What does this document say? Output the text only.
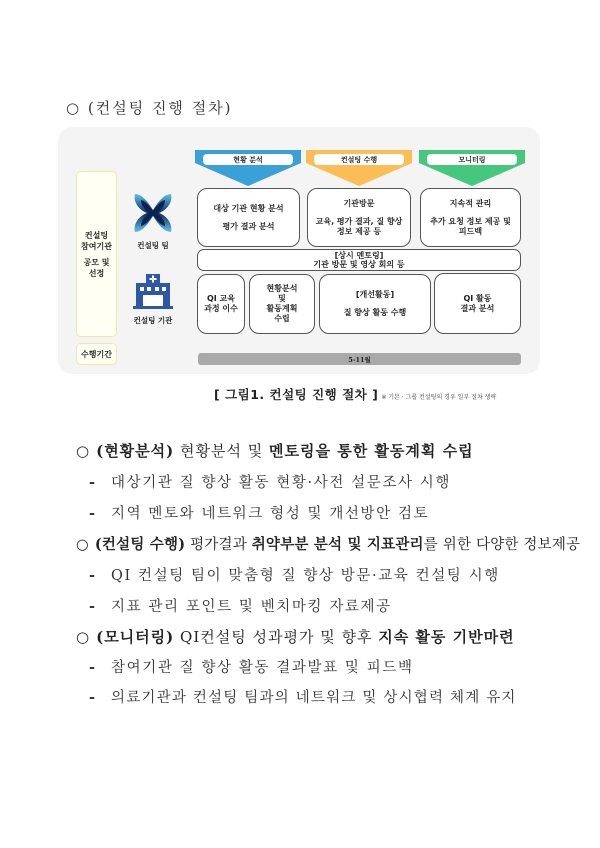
○ (컨설팅 진행 절차)
컨설팅
참여기관
공모 및
선정
수행기간
컨설팅 팀
컨설팅 기관
현황 분석	컨설팅 수행	모니터링
대상 기관 현황 분석
평가 결과 분석
기관방문
교육, 평가 결과, 질 향상
정보 제공 등
지속적 관리
추가 요청 정보 제공 및
피드백
[상시 멘토링]
기관 방문 및 영상 회의 등
QI 교육
과정 이수
현황분석
및
활동계획
수립
[개선활동]
질 향상 활동 수행
QI 활동
결과 분석
5-11월
[ 그림1. 컨설팅 진행 절차 ] ※ 기본 · 그룹 컨설팅의 경우 일부 절차 생략
○ (현황분석) 현황분석 및 멘토링을 통한 활동계획 수립
- 대상기관 질 향상 활동 현황·사전 설문조사 시행
- 지역 멘토와 네트워크 형성 및 개선방안 검토
○ (컨설팅 수행) 평가결과 취약부분 분석 및 지표관리를 위한 다양한 정보제공
- QI 컨설팅 팀이 맞춤형 질 향상 방문·교육 컨설팅 시행
- 지표 관리 포인트 및 벤치마킹 자료제공
○ (모니터링) QI컨설팅 성과평가 및 향후 지속 활동 기반마련
- 참여기관 질 향상 활동 결과발표 및 피드백
- 의료기관과 컨설팅 팀과의 네트워크 및 상시협력 체계 유지
